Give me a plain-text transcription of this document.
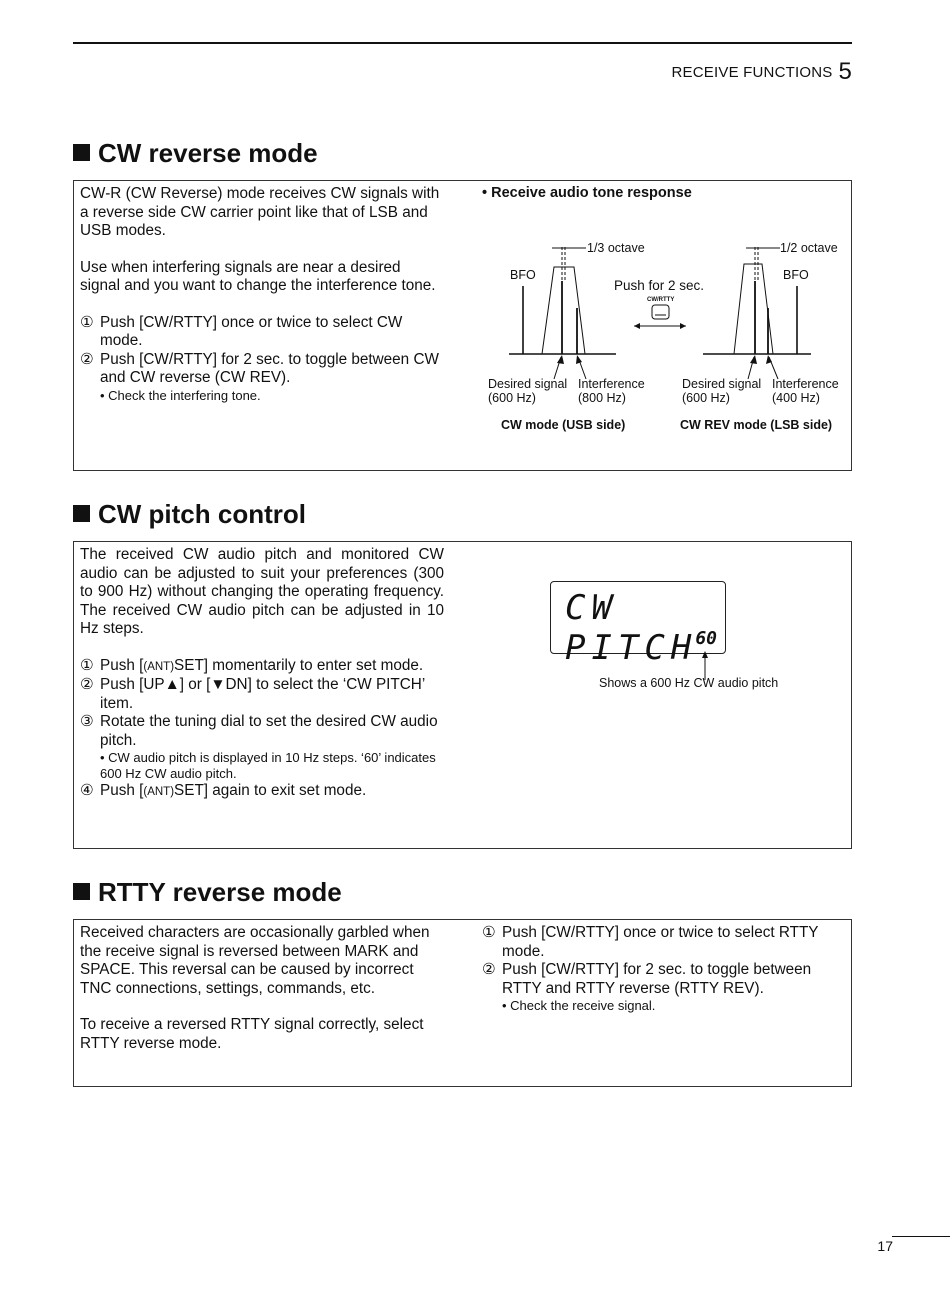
RECEIVE FUNCTIONS 5
CW reverse mode

CW-R (CW Reverse) mode receives CW signals with a reverse side CW carrier point like that of LSB and USB modes.

Use when interfering signals are near a desired signal and you want to change the interference tone.

① Push [CW/RTTY] once or twice to select CW mode.
② Push [CW/RTTY] for 2 sec. to toggle between CW and CW reverse (CW REV).
• Check the interfering tone.
• Receive audio tone response
1/3 octave
BFO
Desired signal
(600 Hz)
Interference
(800 Hz)
CW mode (USB side)
Push for 2 sec.
CW/RTTY
1/2 octave
BFO
Desired signal
(600 Hz)
Interference
(400 Hz)
CW REV mode (LSB side)
CW pitch control

The received CW audio pitch and monitored CW audio can be adjusted to suit your preferences (300 to 900 Hz) without changing the operating frequency. The received CW audio pitch can be adjusted in 10 Hz steps.

① Push [(ANT)SET] momentarily to enter set mode.
② Push [UP▲] or [▼DN] to select the ‘CW PITCH’ item.
③ Rotate the tuning dial to set the desired CW audio pitch.
• CW audio pitch is displayed in 10 Hz steps. ‘60’ indicates 600 Hz CW audio pitch.
④ Push [(ANT)SET] again to exit set mode.
CW PITCH
60
Shows a 600 Hz CW audio pitch
RTTY reverse mode

Received characters are occasionally garbled when the receive signal is reversed between MARK and SPACE. This reversal can be caused by incorrect TNC connections, settings, commands, etc.

To receive a reversed RTTY signal correctly, select RTTY reverse mode.

① Push [CW/RTTY] once or twice to select RTTY mode.
② Push [CW/RTTY] for 2 sec. to toggle between RTTY and RTTY reverse (RTTY REV).
• Check the receive signal.
17
